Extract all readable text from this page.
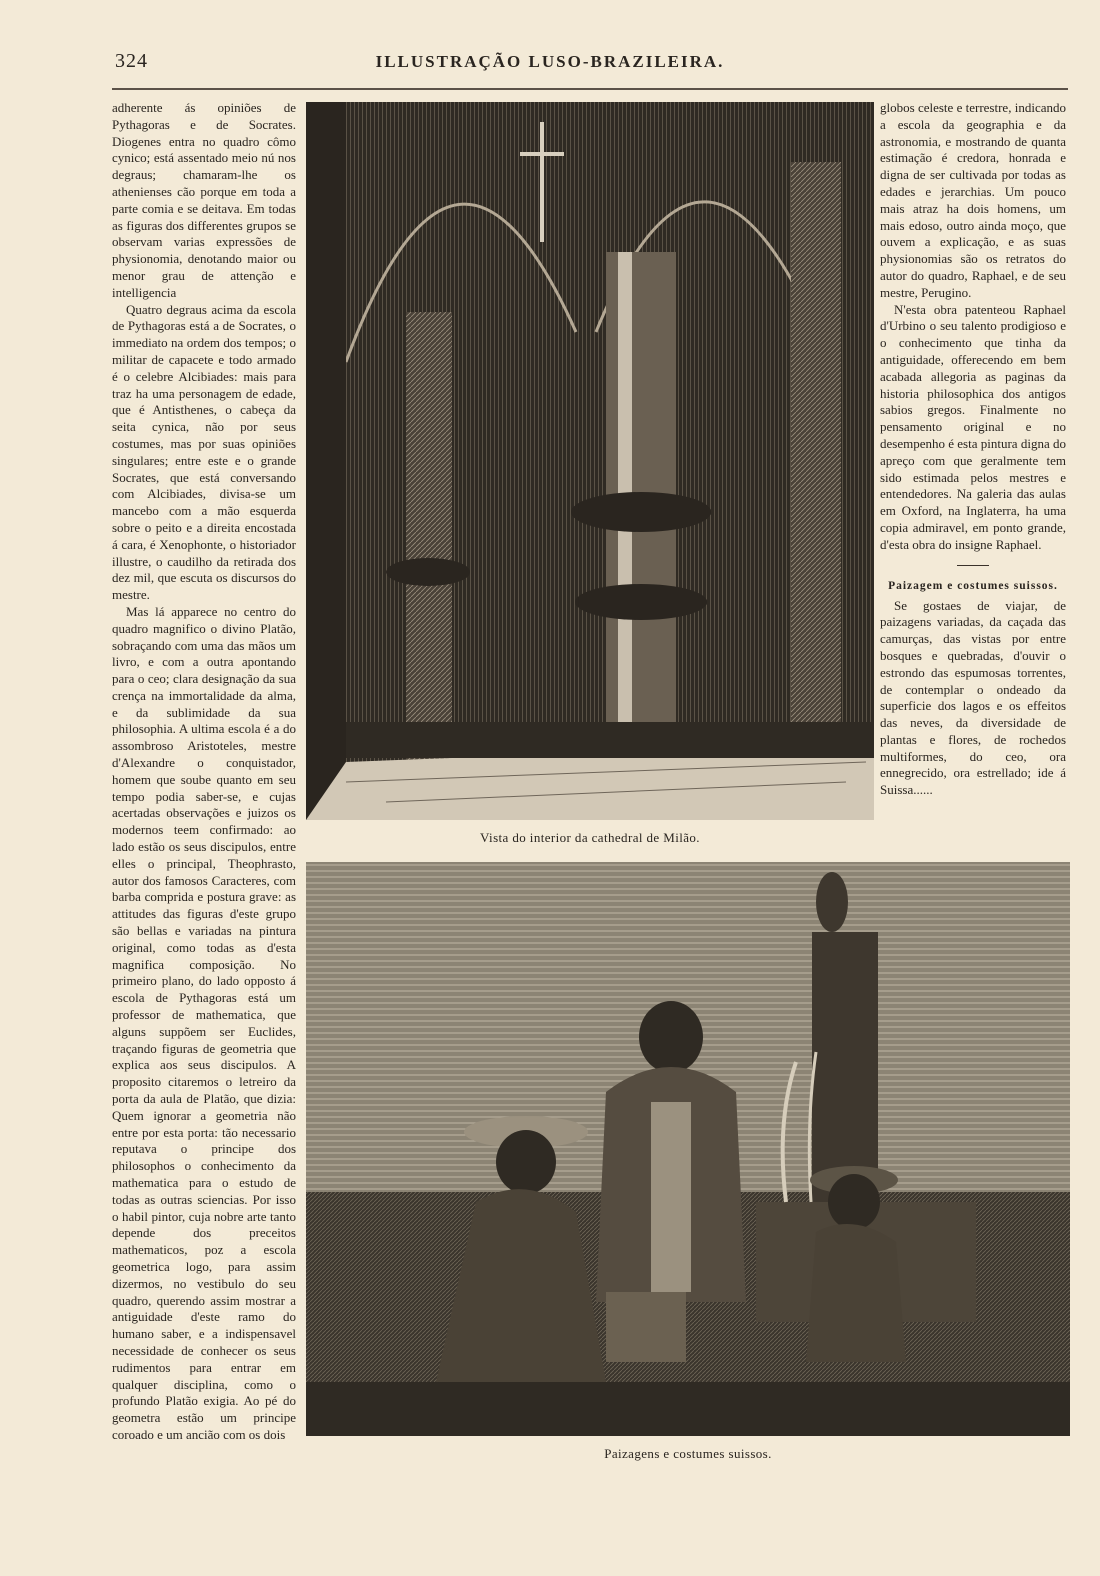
324	ILLUSTRAÇÃO LUSO-BRAZILEIRA.

adherente ás opiniões de Pythagoras e de Socrates. Diogenes entra no quadro cômo cynico; está assentado meio nú nos degraus; chamaram-lhe os athenienses cão porque em toda a parte comia e se deitava. Em todas as figuras dos differentes grupos se observam varias expressões de physionomia, denotando maior ou menor grau de attenção e intelligencia

Quatro degraus acima da escola de Pythagoras está a de Socrates, o immediato na ordem dos tempos; o militar de capacete e todo armado é o celebre Alcibiades: mais para traz ha uma personagem de edade, que é Antisthenes, o cabeça da seita cynica, não por seus costumes, mas por suas opiniões singulares; entre este e o grande Socrates, que está conversando com Alcibiades, divisa-se um mancebo com a mão esquerda sobre o peito e a direita encostada á cara, é Xenophonte, o historiador illustre, o caudilho da retirada dos dez mil, que escuta os discursos do mestre.

Mas lá apparece no centro do quadro magnifico o divino Platão, sobraçando com uma das mãos um livro, e com a outra apontando para o ceo; clara designação da sua crença na immortalidade da alma, e da sublimidade da sua philosophia. A ultima escola é a do assombroso Aristoteles, mestre d'Alexandre o conquistador, homem que soube quanto em seu tempo podia saber-se, e cujas acertadas observações e juizos os modernos teem confirmado: ao lado estão os seus discipulos, entre elles o principal, Theophrasto, autor dos famosos Caracteres, com barba comprida e postura grave: as attitudes das figuras d'este grupo são bellas e variadas na pintura original, como todas as d'esta magnifica composição. No primeiro plano, do lado opposto á escola de Pythagoras está um professor de mathematica, que alguns suppõem ser Euclides, traçando figuras de geometria que explica aos seus discipulos. A proposito citaremos o letreiro da porta da aula de Platão, que dizia: Quem ignorar a geometria não entre por esta porta: tão necessario reputava o principe dos philosophos o conhecimento da mathematica para o estudo de todas as outras sciencias. Por isso o habil pintor, cuja nobre arte tanto depende dos preceitos mathematicos, poz a escola geometrica logo, para assim dizermos, no vestibulo do seu quadro, querendo assim mostrar a antiguidade d'este ramo do humano saber, e a indispensavel necessidade de conhecer os seus rudimentos para entrar em qualquer disciplina, como o profundo Platão exigia. Ao pé do geometra estão um principe coroado e um ancião com os dois

Vista do interior da cathedral de Milão.

globos celeste e terrestre, indicando a escola da geographia e da astronomia, e mostrando de quanta estimação é credora, honrada e digna de ser cultivada por todas as edades e jerarchias. Um pouco mais atraz ha dois homens, um mais edoso, outro ainda moço, que ouvem a explicação, e as suas physionomias são os retratos do autor do quadro, Raphael, e de seu mestre, Perugino.

N'esta obra patenteou Raphael d'Urbino o seu talento prodigioso e o conhecimento que tinha da antiguidade, offerecendo em bem acabada allegoria as paginas da historia philosophica dos antigos sabios gregos. Finalmente no pensamento original e no desempenho é esta pintura digna do apreço com que geralmente tem sido estimada pelos mestres e entendedores. Na galeria das aulas em Oxford, na Inglaterra, ha uma copia admiravel, em ponto grande, d'esta obra do insigne Raphael.

Paizagem e costumes suissos.

Se gostaes de viajar, de paizagens variadas, da caçada das camurças, das vistas por entre bosques e quebradas, d'ouvir o estrondo das espumosas torrentes, de contemplar o ondeado da superficie dos lagos e os effeitos das neves, da diversidade de plantas e flores, de rochedos multiformes, do ceo, ora ennegrecido, ora estrellado; ide á Suissa......

Paizagens e costumes suissos.
